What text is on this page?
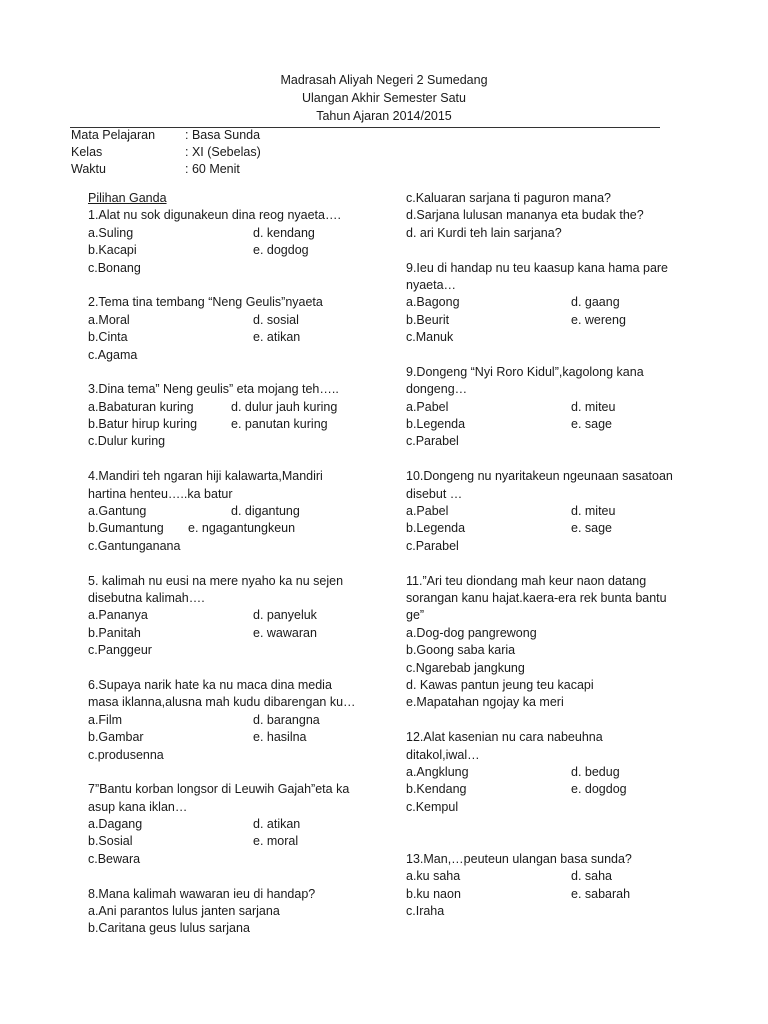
Madrasah Aliyah Negeri 2 Sumedang
Ulangan Akhir Semester Satu
Tahun Ajaran 2014/2015
Mata Pelajaran : Basa Sunda
Kelas	: XI (Sebelas)
Waktu	: 60 Menit
Pilihan Ganda
1.Alat nu sok digunakeun dina reog nyaeta….
a.Suling	d. kendang
b.Kacapi	e. dogdog
c.Bonang
2.Tema tina tembang “Neng Geulis”nyaeta
a.Moral	d. sosial
b.Cinta	e. atikan
c.Agama
3.Dina tema” Neng geulis” eta mojang teh…..
a.Babaturan kuring	d. dulur jauh kuring
b.Batur hirup kuring	e. panutan kuring
c.Dulur kuring
4.Mandiri teh ngaran hiji kalawarta,Mandiri
hartina henteu…..ka batur
a.Gantung	d. digantung
b.Gumantung e. ngagantungkeun
c.Gantunganana
5. kalimah nu eusi na mere nyaho ka nu sejen
disebutna kalimah….
a.Pananya	d. panyeluk
b.Panitah	e. wawaran
c.Panggeur
6.Supaya narik hate ka nu maca dina media
masa iklanna,alusna mah kudu dibarengan ku…
a.Film	d. barangna
b.Gambar	e. hasilna
c.produsenna
7”Bantu korban longsor di Leuwih Gajah”eta ka
asup kana iklan…
a.Dagang	d. atikan
b.Sosial	e. moral
c.Bewara
8.Mana kalimah wawaran ieu di handap?
a.Ani parantos lulus janten sarjana
b.Caritana geus lulus sarjana
c.Kaluaran sarjana ti paguron mana?
d.Sarjana lulusan mananya eta budak the?
d. ari Kurdi teh lain sarjana?
9.Ieu di handap nu teu kaasup kana hama pare
nyaeta…
a.Bagong	d. gaang
b.Beurit	e. wereng
c.Manuk
9.Dongeng “Nyi Roro Kidul”,kagolong kana
dongeng…
a.Pabel	d. miteu
b.Legenda	e. sage
c.Parabel
10.Dongeng nu nyaritakeun ngeunaan sasatoan
disebut …
a.Pabel	d. miteu
b.Legenda	e. sage
c.Parabel
11.”Ari teu diondang mah keur naon datang
sorangan kanu hajat.kaera-era rek bunta bantu
ge”
a.Dog-dog pangrewong
b.Goong saba karia
c.Ngarebab jangkung
d. Kawas pantun jeung teu kacapi
e.Mapatahan ngojay ka meri
12.Alat kasenian nu cara nabeuhna
ditakol,iwal…
a.Angklung	d. bedug
b.Kendang	e. dogdog
c.Kempul
13.Man,…peuteun ulangan basa sunda?
a.ku saha	d. saha
b.ku naon	e. sabarah
c.Iraha
